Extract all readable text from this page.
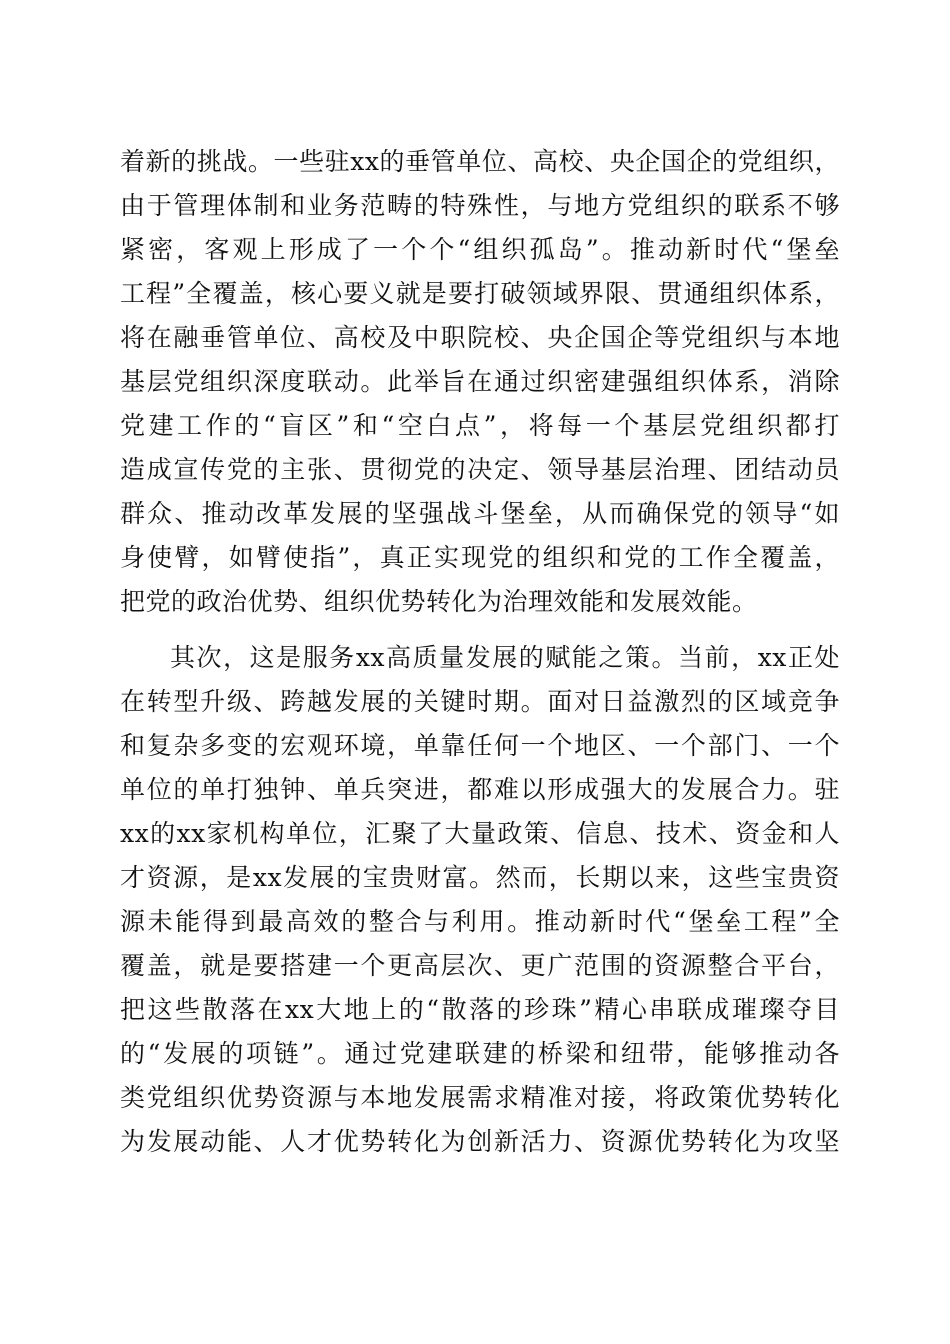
着新的挑战。一些驻xx的垂管单位、高校、央企国企的党组织，
由于管理体制和业务范畴的特殊性，与地方党组织的联系不够
紧密，客观上形成了一个个“组织孤岛”。推动新时代“堡垒
工程”全覆盖，核心要义就是要打破领域界限、贯通组织体系，
将在融垂管单位、高校及中职院校、央企国企等党组织与本地
基层党组织深度联动。此举旨在通过织密建强组织体系，消除
党建工作的“盲区”和“空白点”，将每一个基层党组织都打
造成宣传党的主张、贯彻党的决定、领导基层治理、团结动员
群众、推动改革发展的坚强战斗堡垒，从而确保党的领导“如
身使臂，如臂使指”，真正实现党的组织和党的工作全覆盖，
把党的政治优势、组织优势转化为治理效能和发展效能。
其次，这是服务xx高质量发展的赋能之策。当前，xx正处
在转型升级、跨越发展的关键时期。面对日益激烈的区域竞争
和复杂多变的宏观环境，单靠任何一个地区、一个部门、一个
单位的单打独钟、单兵突进，都难以形成强大的发展合力。驻
xx的xx家机构单位，汇聚了大量政策、信息、技术、资金和人
才资源，是xx发展的宝贵财富。然而，长期以来，这些宝贵资
源未能得到最高效的整合与利用。推动新时代“堡垒工程”全
覆盖，就是要搭建一个更高层次、更广范围的资源整合平台，
把这些散落在xx大地上的“散落的珍珠”精心串联成璀璨夺目
的“发展的项链”。通过党建联建的桥梁和纽带，能够推动各
类党组织优势资源与本地发展需求精准对接，将政策优势转化
为发展动能、人才优势转化为创新活力、资源优势转化为攻坚
